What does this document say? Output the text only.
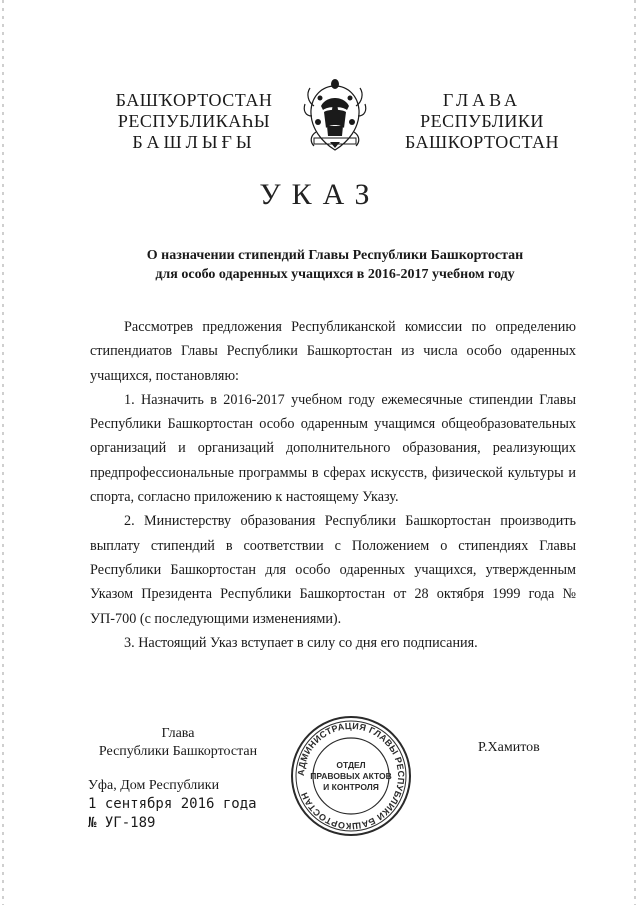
БАШҠОРТОСТАН
РЕСПУБЛИКАҺЫ
БАШЛЫҒЫ
ГЛАВА
РЕСПУБЛИКИ
БАШКОРТОСТАН
УКАЗ
О назначении стипендий Главы Республики Башкортостан
для особо одаренных учащихся в 2016-2017 учебном году

Рассмотрев предложения Республиканской комиссии по определению стипендиатов Главы Республики Башкортостан из числа особо одаренных учащихся, постановляю:

1. Назначить в 2016-2017 учебном году ежемесячные стипендии Главы Республики Башкортостан особо одаренным учащимся общеобразовательных организаций и организаций дополнительного образования, реализующих предпрофессиональные программы в сферах искусств, физической культуры и спорта, согласно приложению к настоящему Указу.

2. Министерству образования Республики Башкортостан производить выплату стипендий в соответствии с Положением о стипендиях Главы Республики Башкортостан для особо одаренных учащихся, утвержденным Указом Президента Республики Башкортостан от 28 октября 1999 года № УП-700 (с последующими изменениями).

3. Настоящий Указ вступает в силу со дня его подписания.

Глава
Республики Башкортостан
АДМИНИСТРАЦИЯ ГЛАВЫ РЕСПУБЛИКИ БАШКОРТОСТАН
ОТДЕЛ
ПРАВОВЫХ АКТОВ
И КОНТРОЛЯ
Р.Хамитов
Уфа, Дом Республики
1 сентября 2016 года
№ УГ-189
